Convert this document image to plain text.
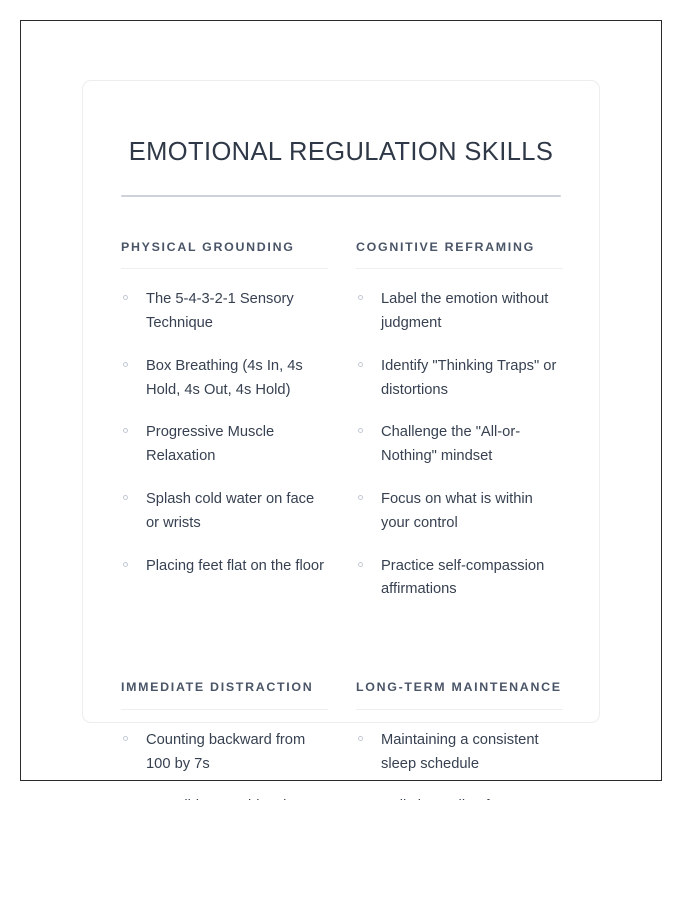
EMOTIONAL REGULATION SKILLS
PHYSICAL GROUNDING
The 5-4-3-2-1 Sensory Technique
Box Breathing (4s In, 4s Hold, 4s Out, 4s Hold)
Progressive Muscle Relaxation
Splash cold water on face or wrists
Placing feet flat on the floor
COGNITIVE REFRAMING
Label the emotion without judgment
Identify "Thinking Traps" or distortions
Challenge the "All-or-Nothing" mindset
Focus on what is within your control
Practice self-compassion affirmations
IMMEDIATE DISTRACTION
Counting backward from 100 by 7s
LONG-TERM MAINTENANCE
Maintaining a consistent sleep schedule
